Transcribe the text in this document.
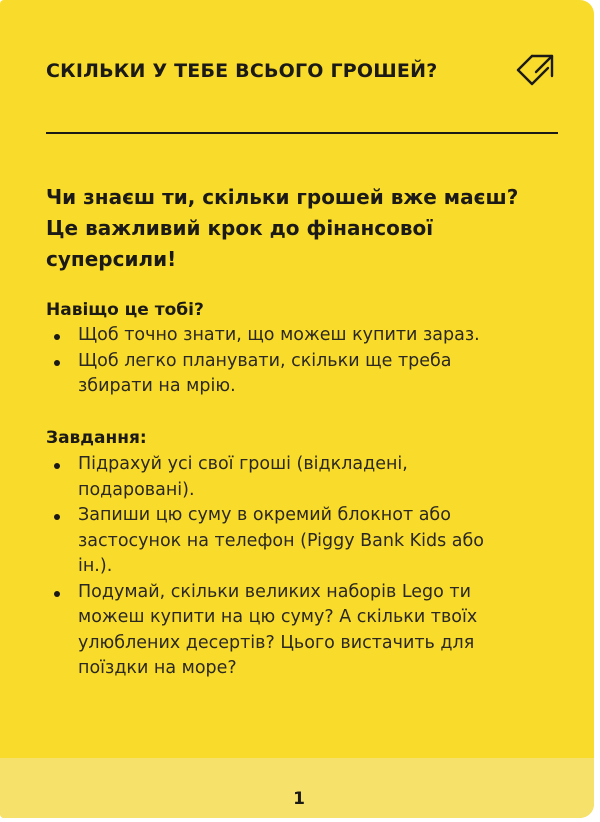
СКІЛЬКИ У ТЕБЕ ВСЬОГО ГРОШЕЙ?
Чи знаєш ти, скільки грошей вже маєш?
Це важливий крок до фінансової
суперсили!
Навіщо це тобі?
Щоб точно знати, що можеш купити зараз.
Щоб легко планувати, скільки ще треба
збирати на мрію.
Завдання:
Підрахуй усі свої гроші (відкладені,
подаровані).
Запиши цю суму в окремий блокнот або
застосунок на телефон (Piggy Bank Kids або
ін.).
Подумай, скільки великих наборів Lego ти
можеш купити на цю суму? А скільки твоїх
улюблених десертів? Цього вистачить для
поїздки на море?
1
